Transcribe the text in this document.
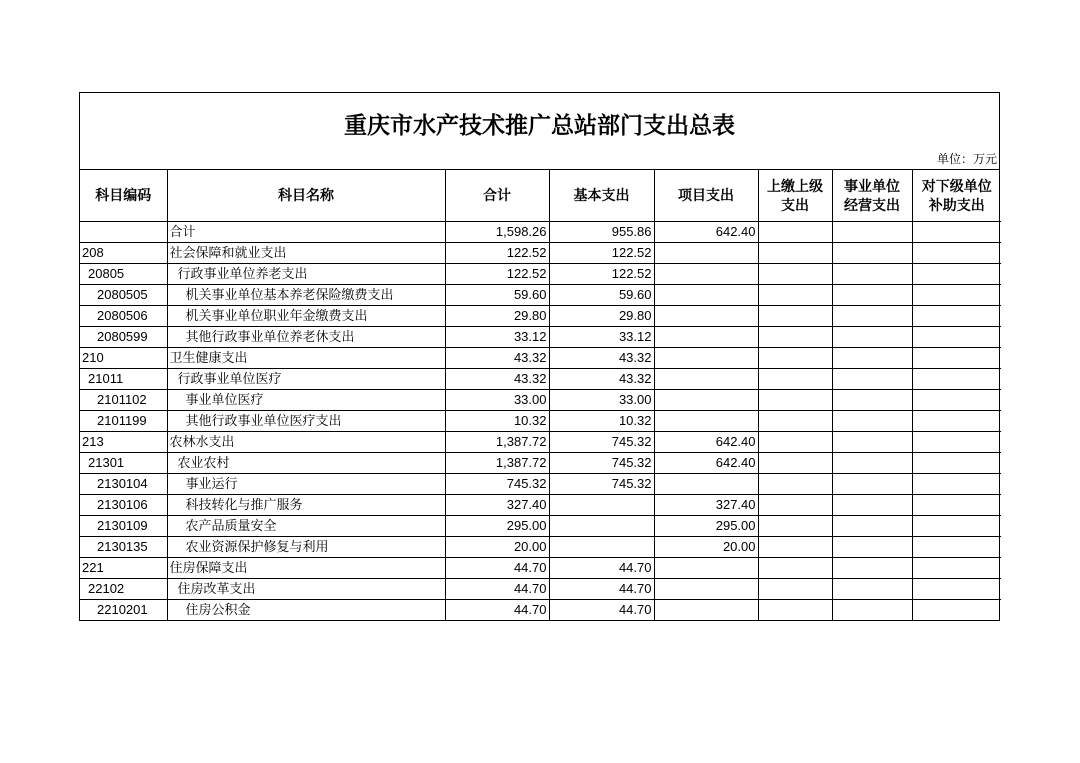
重庆市水产技术推广总站部门支出总表
单位：万元
科目编码	科目名称	合计	基本支出	项目支出	上缴上级支出	事业单位经营支出	对下级单位补助支出
	合计	1,598.26	955.86	642.40			
208	社会保障和就业支出	122.52	122.52				
20805	行政事业单位养老支出	122.52	122.52				
2080505	机关事业单位基本养老保险缴费支出	59.60	59.60				
2080506	机关事业单位职业年金缴费支出	29.80	29.80				
2080599	其他行政事业单位养老休支出	33.12	33.12				
210	卫生健康支出	43.32	43.32				
21011	行政事业单位医疗	43.32	43.32				
2101102	事业单位医疗	33.00	33.00				
2101199	其他行政事业单位医疗支出	10.32	10.32				
213	农林水支出	1,387.72	745.32	642.40			
21301	农业农村	1,387.72	745.32	642.40			
2130104	事业运行	745.32	745.32				
2130106	科技转化与推广服务	327.40		327.40			
2130109	农产品质量安全	295.00		295.00			
2130135	农业资源保护修复与利用	20.00		20.00			
221	住房保障支出	44.70	44.70				
22102	住房改革支出	44.70	44.70				
2210201	住房公积金	44.70	44.70				
